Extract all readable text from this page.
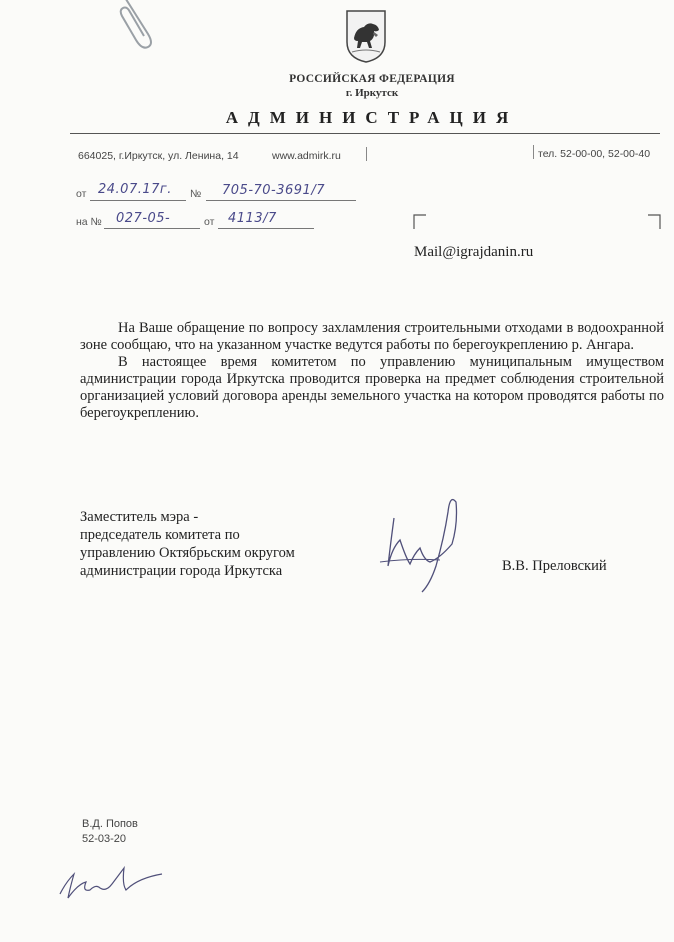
РОССИЙСКАЯ ФЕДЕРАЦИЯ
г. Иркутск
АДМИНИСТРАЦИЯ
664025, г.Иркутск, ул. Ленина, 14	www.admirk.ru	тел. 52-00-00, 52-00-40
от 24.07.17г. № 705-70-3691/7
на № 027-05-	от 4113/7
Mail@igrajdanin.ru

На Ваше обращение по вопросу захламления строительными отходами в водоохранной зоне сообщаю, что на указанном участке ведутся работы по берегоукреплению р. Ангара.

В настоящее время комитетом по управлению муниципальным имуществом администрации города Иркутска проводится проверка на предмет соблюдения строительной организацией условий договора аренды земельного участка на котором проводятся работы по берегоукреплению.

Заместитель мэра -
председатель комитета по
управлению Октябрьским округом
администрации города Иркутска	В.В. Преловский
В.Д. Попов
52-03-20
